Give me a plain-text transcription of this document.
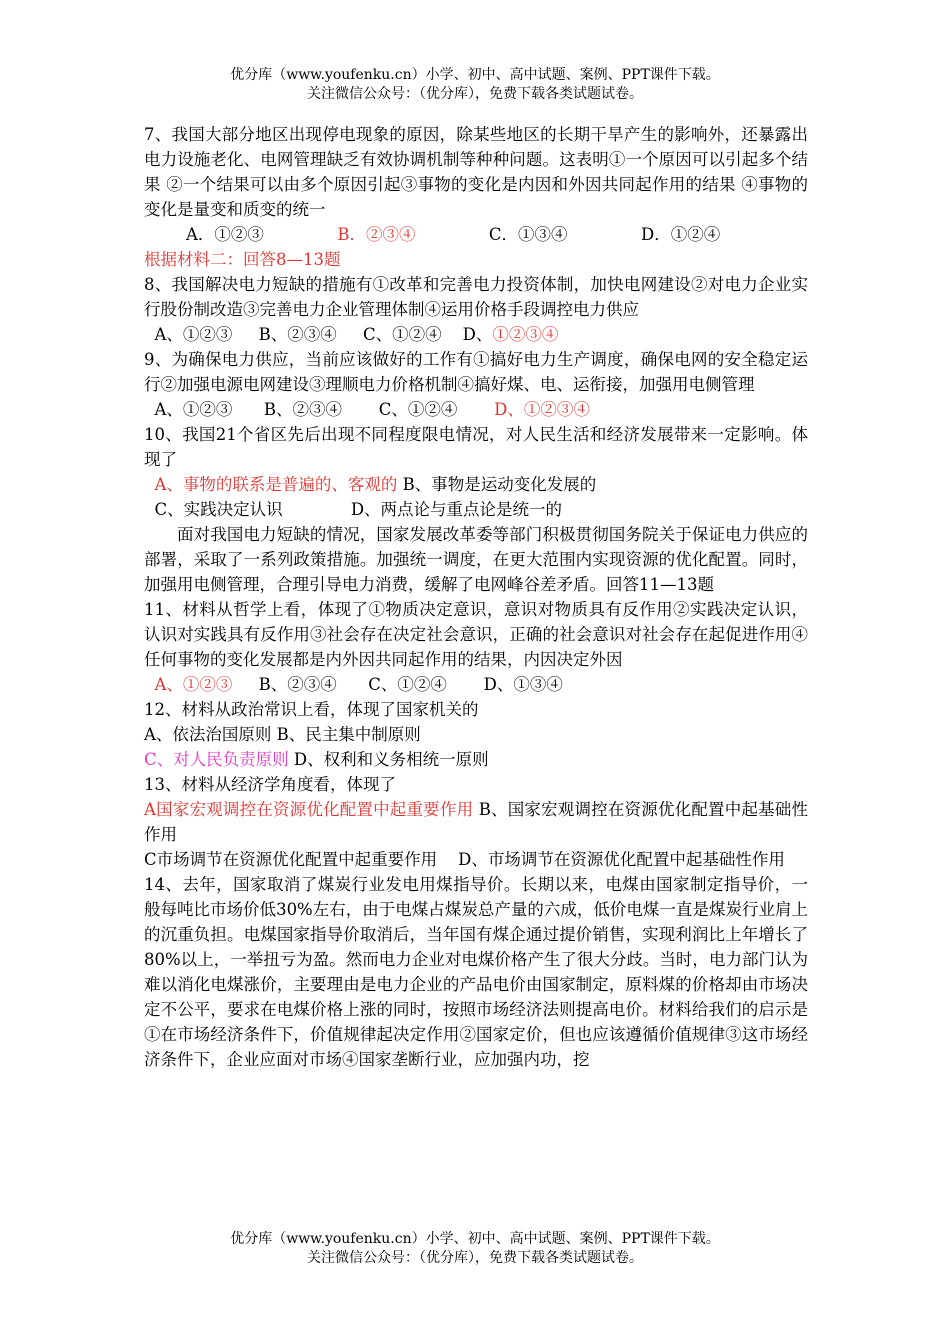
优分库（www.youfenku.cn）小学、初中、高中试题、案例、PPT课件下载。
关注微信公众号：（优分库），免费下载各类试题试卷。

7、我国大部分地区出现停电现象的原因，除某些地区的长期干旱产生的影响外，还暴露出电力设施老化、电网管理缺乏有效协调机制等种种问题。这表明①一个原因可以引起多个结果 ②一个结果可以由多个原因引起③事物的变化是内因和外因共同起作用的结果 ④事物的变化是量变和质变的统一

A．①②③	B．②③④	C．①③④	D．①②④

根据材料二：回答8—13题

8、我国解决电力短缺的措施有①改革和完善电力投资体制，加快电网建设②对电力企业实行股份制改造③完善电力企业管理体制④运用价格手段调控电力供应

A、①②③ B、②③④ C、①②④ D、①②③④

9、为确保电力供应，当前应该做好的工作有①搞好电力生产调度，确保电网的安全稳定运行②加强电源电网建设③理顺电力价格机制④搞好煤、电、运衔接，加强用电侧管理

A、①②③ B、②③④ C、①②④ D、①②③④

10、我国21个省区先后出现不同程度限电情况，对人民生活和经济发展带来一定影响。体现了

A、事物的联系是普遍的、客观的 B、事物是运动变化发展的

C、实践决定认识	D、两点论与重点论是统一的

面对我国电力短缺的情况，国家发展改革委等部门积极贯彻国务院关于保证电力供应的部署，采取了一系列政策措施。加强统一调度，在更大范围内实现资源的优化配置。同时，加强用电侧管理，合理引导电力消费，缓解了电网峰谷差矛盾。回答11—13题

11、材料从哲学上看，体现了①物质决定意识，意识对物质具有反作用②实践决定认识，认识对实践具有反作用③社会存在决定社会意识，正确的社会意识对社会存在起促进作用④任何事物的变化发展都是内外因共同起作用的结果，内因决定外因

A、①②③ B、②③④ C、①②④ D、①③④

12、材料从政治常识上看，体现了国家机关的

A、依法治国原则 B、民主集中制原则

C、对人民负责原则 D、权利和义务相统一原则

13、材料从经济学角度看，体现了

A国家宏观调控在资源优化配置中起重要作用 B、国家宏观调控在资源优化配置中起基础性作用

C市场调节在资源优化配置中起重要作用 D、市场调节在资源优化配置中起基础性作用

14、去年，国家取消了煤炭行业发电用煤指导价。长期以来，电煤由国家制定指导价，一般每吨比市场价低30%左右，由于电煤占煤炭总产量的六成，低价电煤一直是煤炭行业肩上的沉重负担。电煤国家指导价取消后，当年国有煤企通过提价销售，实现利润比上年增长了80%以上，一举扭亏为盈。然而电力企业对电煤价格产生了很大分歧。当时，电力部门认为难以消化电煤涨价，主要理由是电力企业的产品电价由国家制定，原料煤的价格却由市场决定不公平，要求在电煤价格上涨的同时，按照市场经济法则提高电价。材料给我们的启示是①在市场经济条件下，价值规律起决定作用②国家定价，但也应该遵循价值规律③这市场经济条件下，企业应面对市场④国家垄断行业，应加强内功，挖

优分库（www.youfenku.cn）小学、初中、高中试题、案例、PPT课件下载。
关注微信公众号：（优分库），免费下载各类试题试卷。
